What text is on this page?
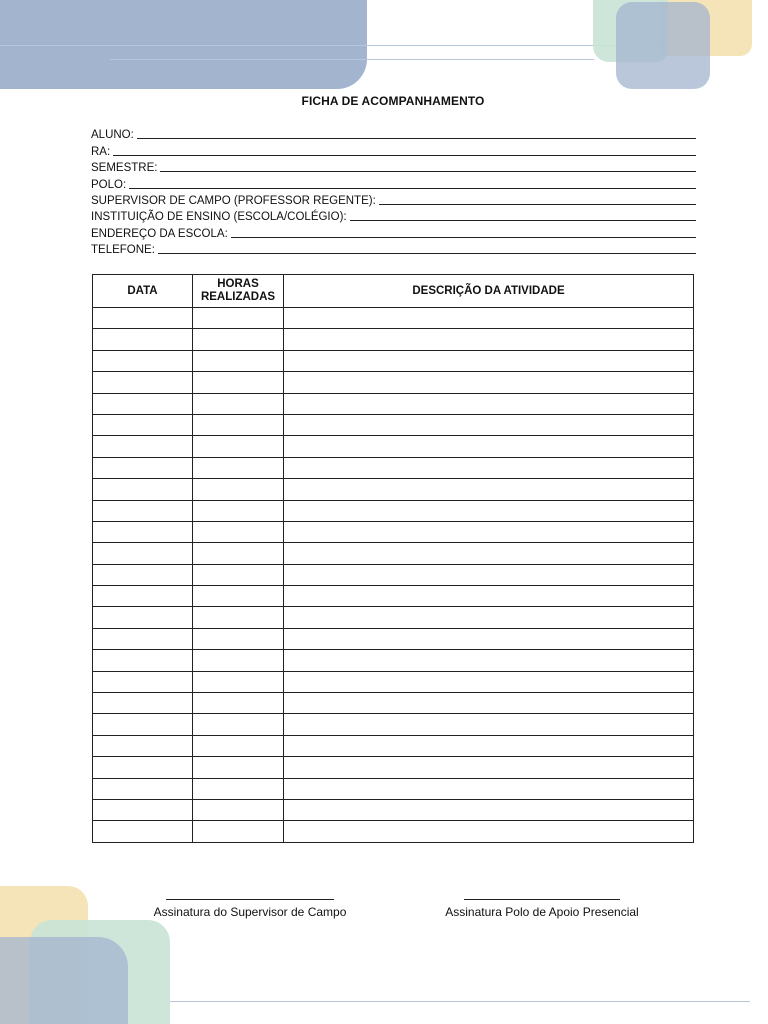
FICHA DE ACOMPANHAMENTO
ALUNO:
RA:
SEMESTRE:
POLO:
SUPERVISOR DE CAMPO (PROFESSOR REGENTE):
INSTITUIÇÃO DE ENSINO (ESCOLA/COLÉGIO):
ENDEREÇO DA ESCOLA:
TELEFONE:
DATA	HORAS REALIZADAS	DESCRIÇÃO DA ATIVIDADE

Assinatura do Supervisor de Campo	Assinatura Polo de Apoio Presencial
